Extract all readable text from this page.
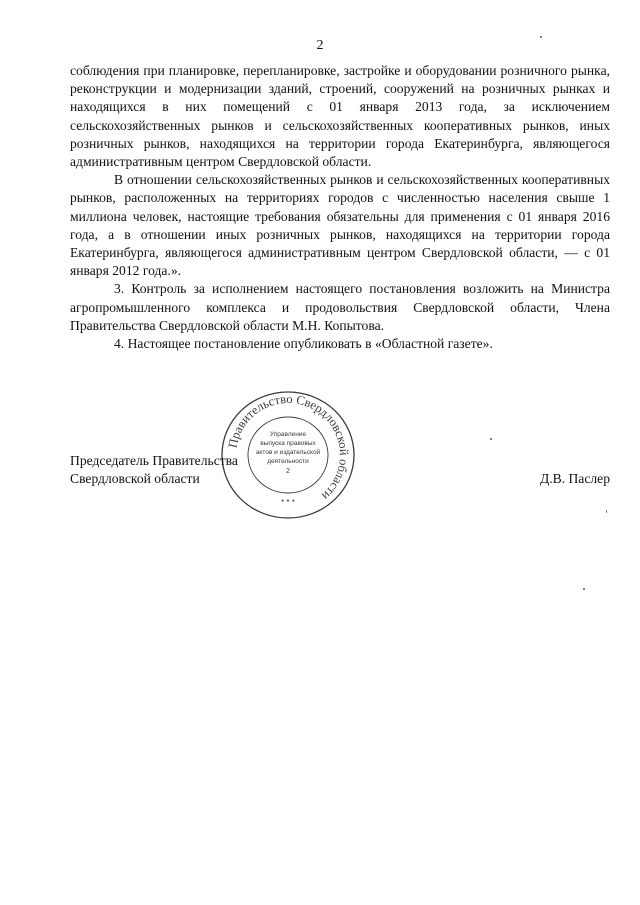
2

соблюдения при планировке, перепланировке, застройке и оборудовании розничного рынка, реконструкции и модернизации зданий, строений, сооружений на розничных рынках и находящихся в них помещений с 01 января 2013 года, за исключением сельскохозяйственных рынков и сельскохозяйственных кооперативных рынков, иных розничных рынков, находящихся на территории города Екатеринбурга, являющегося административным центром Свердловской области.

В отношении сельскохозяйственных рынков и сельскохозяйственных кооперативных рынков, расположенных на территориях городов с численностью населения свыше 1 миллиона человек, настоящие требования обязательны для применения с 01 января 2016 года, а в отношении иных розничных рынков, находящихся на территории города Екатеринбурга, являющегося административным центром Свердловской области, — с 01 января 2012 года.».

3. Контроль за исполнением настоящего постановления возложить на Министра агропромышленного комплекса и продовольствия Свердловской области, Члена Правительства Свердловской области М.Н. Копытова.

4. Настоящее постановление опубликовать в «Областной газете».

Правительство Свердловской области
Управление
выпуска правовых
актов и издательской
деятельности
2
* * *
Председатель Правительства
Свердловской области	Д.В. Паслер
